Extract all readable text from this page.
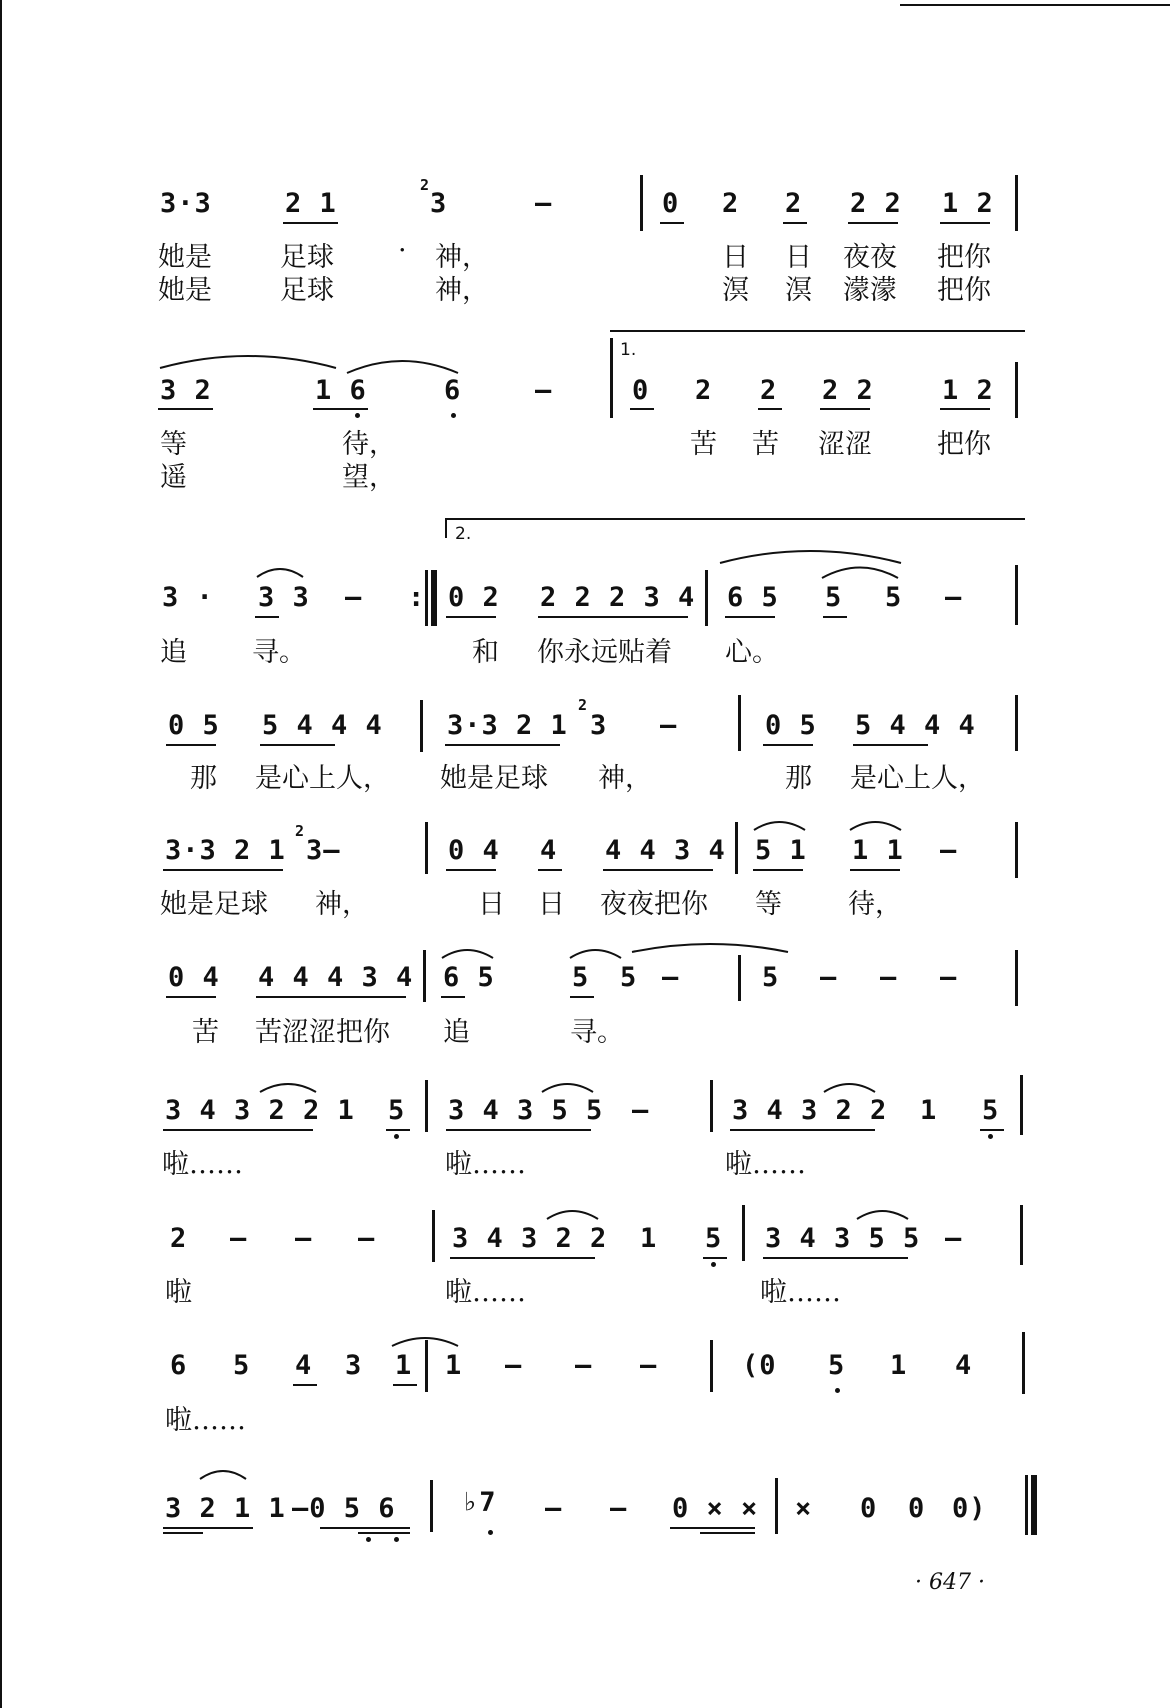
3·3	2 1
2
3	—	0 2 2 2 2 1 2
她是	足球 · 神，	日 日 夜夜 把你
她是	足球	神，	溟 溟 濛濛 把你
3 2	1 6	6	—
1.
0 2 2 2 2	1 2
等	待，	苦 苦 涩涩 把你
遥	望，
2.
3 · 3 3 — : 0 2 2 2 2 3 4 6 5 5 5 —
追 寻。	和 你永远贴着 心。
0 5 5 4 4 4 3·3 2 1
2
3 —	0 5 5 4 4 4
那 是心上人， 她是足球 神，	那 是心上人，
3·3 2 1
2
3—	0 4 4 4 4 3 4 5 1 1 1 —
她是足球 神，	日 日 夜夜把你 等 待，
0 4 4 4 4 3 4 6 5	5 5 —	5 — — —
苦 苦涩涩把你 追	寻。
3 4 3 2 2 1 5 3 4 3 5 5 —	3 4 3 2 2 1 5
啦……	啦……	啦……
2 — — —	3 4 3 2 2 1 5 3 4 3 5 5 —
啦	啦……	啦……
6 5 4 3 1 1 — — —	(0 5 1 4
啦……
3 2 1 1 —0 5 6 ♭7 — — 0 × × × 0 0 0)
· 647 ·
